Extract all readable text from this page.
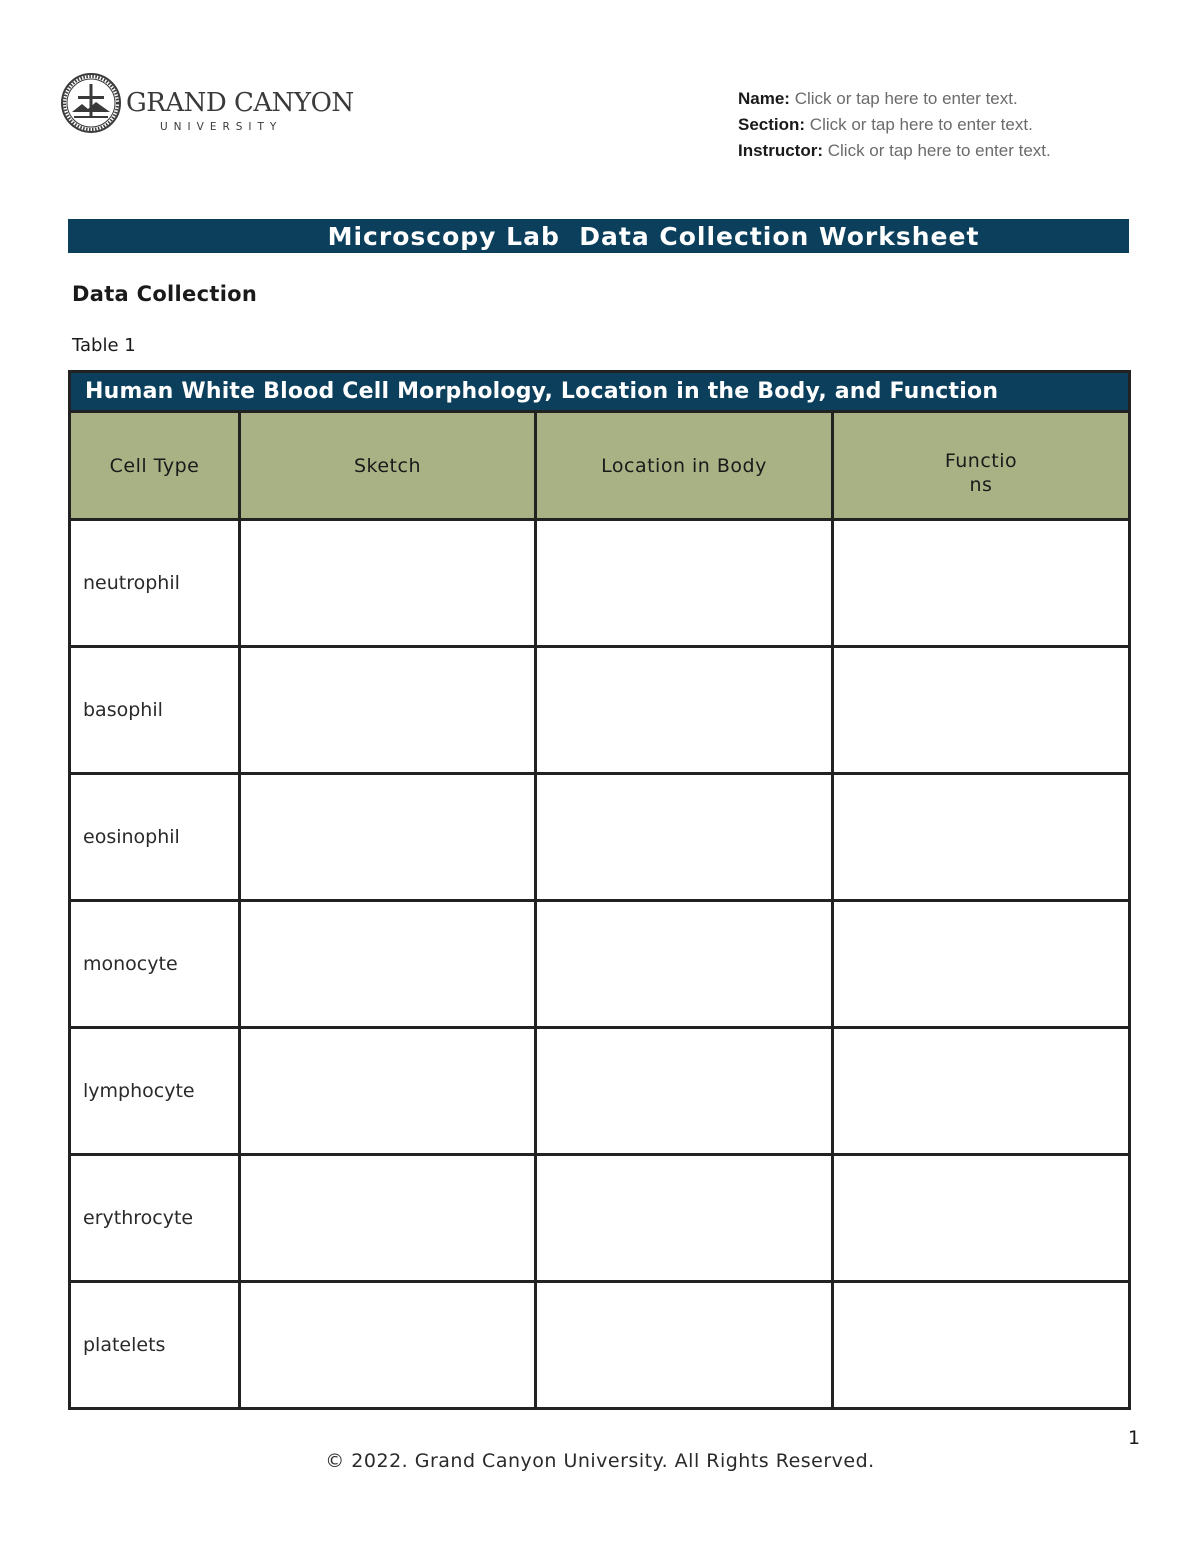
GRAND CANYON
UNIVERSITY
Name: Click or tap here to enter text.
Section: Click or tap here to enter text.
Instructor: Click or tap here to enter text.
Microscopy Lab  Data Collection Worksheet
Data Collection
Table 1
Human White Blood Cell Morphology, Location in the Body, and Function			
Cell Type	Sketch	Location in Body	Functio
ns
neutrophil			
basophil			
eosinophil			
monocyte			
lymphocyte			
erythrocyte			
platelets			
1
© 2022. Grand Canyon University. All Rights Reserved.
